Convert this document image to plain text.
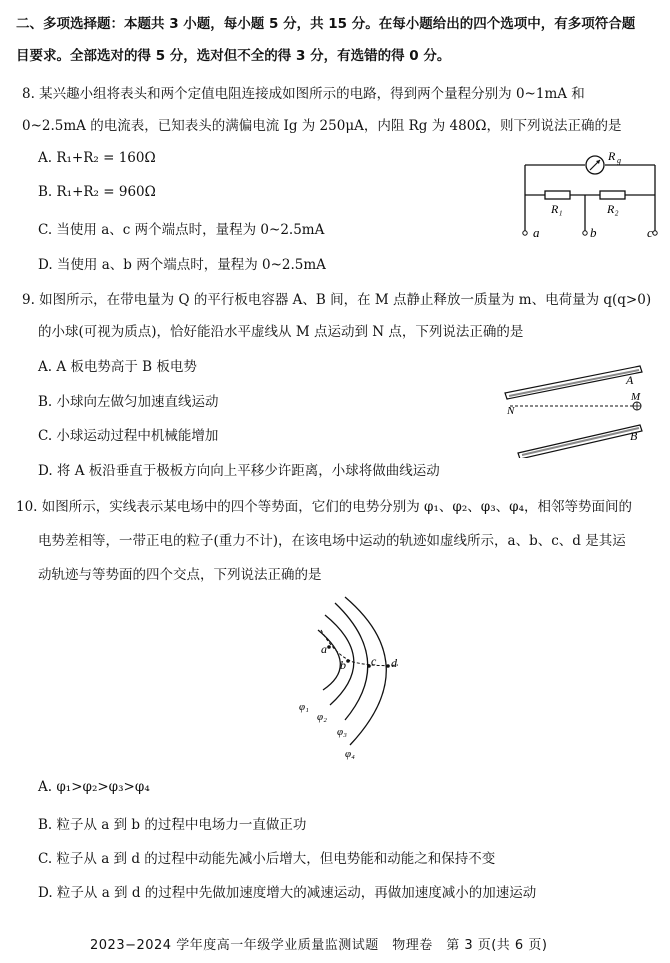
二、多项选择题：本题共 3 小题，每小题 5 分，共 15 分。在每小题给出的四个选项中，有多项符合题
目要求。全部选对的得 5 分，选对但不全的得 3 分，有选错的得 0 分。
8. 某兴趣小组将表头和两个定值电阻连接成如图所示的电路，得到两个量程分别为 0~1mA 和
0~2.5mA 的电流表，已知表头的满偏电流 Ig 为 250μA，内阻 Rg 为 480Ω，则下列说法正确的是
A. R₁+R₂ = 160Ω
B. R₁+R₂ = 960Ω
C. 当使用 a、c 两个端点时，量程为 0~2.5mA
D. 当使用 a、b 两个端点时，量程为 0~2.5mA
R g
R₁	R₂
a	b	c
9. 如图所示，在带电量为 Q 的平行板电容器 A、B 间，在 M 点静止释放一质量为 m、电荷量为 q(q>0)
的小球(可视为质点)，恰好能沿水平虚线从 M 点运动到 N 点，下列说法正确的是
A. A 板电势高于 B 板电势
B. 小球向左做匀加速直线运动
C. 小球运动过程中机械能增加
D. 将 A 板沿垂直于极板方向向上平移少许距离，小球将做曲线运动
A
B
M
N
10. 如图所示，实线表示某电场中的四个等势面，它们的电势分别为 φ₁、φ₂、φ₃、φ₄，相邻等势面间的
电势差相等，一带正电的粒子(重力不计)，在该电场中运动的轨迹如虚线所示，a、b、c、d 是其运
动轨迹与等势面的四个交点，下列说法正确的是
a
b c d
φ₁
φ₂
φ₃
φ₄
A. φ₁>φ₂>φ₃>φ₄
B. 粒子从 a 到 b 的过程中电场力一直做正功
C. 粒子从 a 到 d 的过程中动能先减小后增大，但电势能和动能之和保持不变
D. 粒子从 a 到 d 的过程中先做加速度增大的减速运动，再做加速度减小的加速运动
2023−2024 学年度高一年级学业质量监测试题　物理卷　第 3 页(共 6 页)
